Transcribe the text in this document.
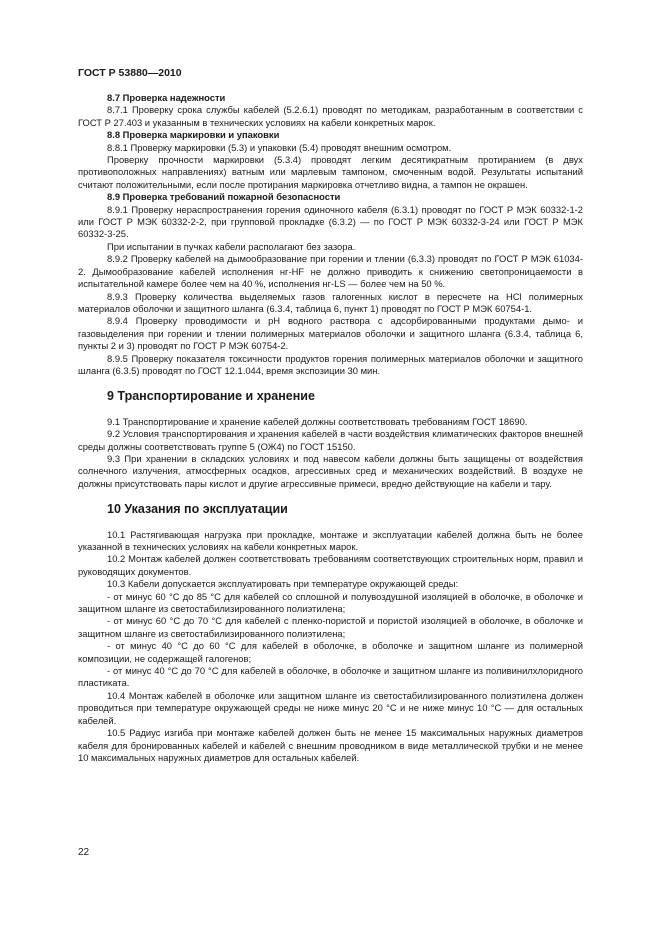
ГОСТ Р 53880—2010

8.7 Проверка надежности

8.7.1 Проверку срока службы кабелей (5.2.6.1) проводят по методикам, разработанным в соответствии с ГОСТ Р 27.403 и указанным в технических условиях на кабели конкретных марок.

8.8 Проверка маркировки и упаковки

8.8.1 Проверку маркировки (5.3) и упаковки (5.4) проводят внешним осмотром.

Проверку прочности маркировки (5.3.4) проводят легким десятикратным протиранием (в двух противоположных направлениях) ватным или марлевым тампоном, смоченным водой. Результаты испытаний считают положительными, если после протирания маркировка отчетливо видна, а тампон не окрашен.

8.9 Проверка требований пожарной безопасности

8.9.1 Проверку нераспространения горения одиночного кабеля (6.3.1) проводят по ГОСТ Р МЭК 60332-1-2 или ГОСТ Р МЭК 60332-2-2, при групповой прокладке (6.3.2) — по ГОСТ Р МЭК 60332-3-24 или ГОСТ Р МЭК 60332-3-25.

При испытании в пучках кабели располагают без зазора.

8.9.2 Проверку кабелей на дымообразование при горении и тлении (6.3.3) проводят по ГОСТ Р МЭК 61034-2. Дымообразование кабелей исполнения нг-HF не должно приводить к снижению светопроницаемости в испытательной камере более чем на 40 %, исполнения нг-LS — более чем на 50 %.

8.9.3 Проверку количества выделяемых газов галогенных кислот в пересчете на HCl полимерных материалов оболочки и защитного шланга (6.3.4, таблица 6, пункт 1) проводят по ГОСТ Р МЭК 60754-1.

8.9.4 Проверку проводимости и pH водного раствора с адсорбированными продуктами дымо- и газовыделения при горении и тлении полимерных материалов оболочки и защитного шланга (6.3.4, таблица 6, пункты 2 и 3) проводят по ГОСТ Р МЭК 60754-2.

8.9.5 Проверку показателя токсичности продуктов горения полимерных материалов оболочки и защитного шланга (6.3.5) проводят по ГОСТ 12.1.044, время экспозиции 30 мин.

9 Транспортирование и хранение

9.1 Транспортирование и хранение кабелей должны соответствовать требованиям ГОСТ 18690.

9.2 Условия транспортирования и хранения кабелей в части воздействия климатических факторов внешней среды должны соответствовать группе 5 (ОЖ4) по ГОСТ 15150.

9.3 При хранении в складских условиях и под навесом кабели должны быть защищены от воздействия солнечного излучения, атмосферных осадков, агрессивных сред и механических воздействий. В воздухе не должны присутствовать пары кислот и другие агрессивные примеси, вредно действующие на кабели и тару.

10 Указания по эксплуатации

10.1 Растягивающая нагрузка при прокладке, монтаже и эксплуатации кабелей должна быть не более указанной в технических условиях на кабели конкретных марок.

10.2 Монтаж кабелей должен соответствовать требованиям соответствующих строительных норм, правил и руководящих документов.

10.3 Кабели допускается эксплуатировать при температуре окружающей среды:

- от минус 60 °С до 85 °С для кабелей со сплошной и полувоздушной изоляцией в оболочке, в оболочке и защитном шланге из светостабилизированного полиэтилена;

- от минус 60 °С до 70 °С для кабелей с пленко-пористой и пористой изоляцией в оболочке, в оболочке и защитном шланге из светостабилизированного полиэтилена;

- от минус 40 °С до 60 °С для кабелей в оболочке, в оболочке и защитном шланге из полимерной композиции, не содержащей галогенов;

- от минус 40 °С до 70 °С для кабелей в оболочке, в оболочке и защитном шланге из поливинилхлоридного пластиката.

10.4 Монтаж кабелей в оболочке или защитном шланге из светостабилизированного полиэтилена должен проводиться при температуре окружающей среды не ниже минус 20 °С и не ниже минус 10 °С — для остальных кабелей.

10.5 Радиус изгиба при монтаже кабелей должен быть не менее 15 максимальных наружных диаметров кабеля для бронированных кабелей и кабелей с внешним проводником в виде металлической трубки и не менее 10 максимальных наружных диаметров для остальных кабелей.

22
